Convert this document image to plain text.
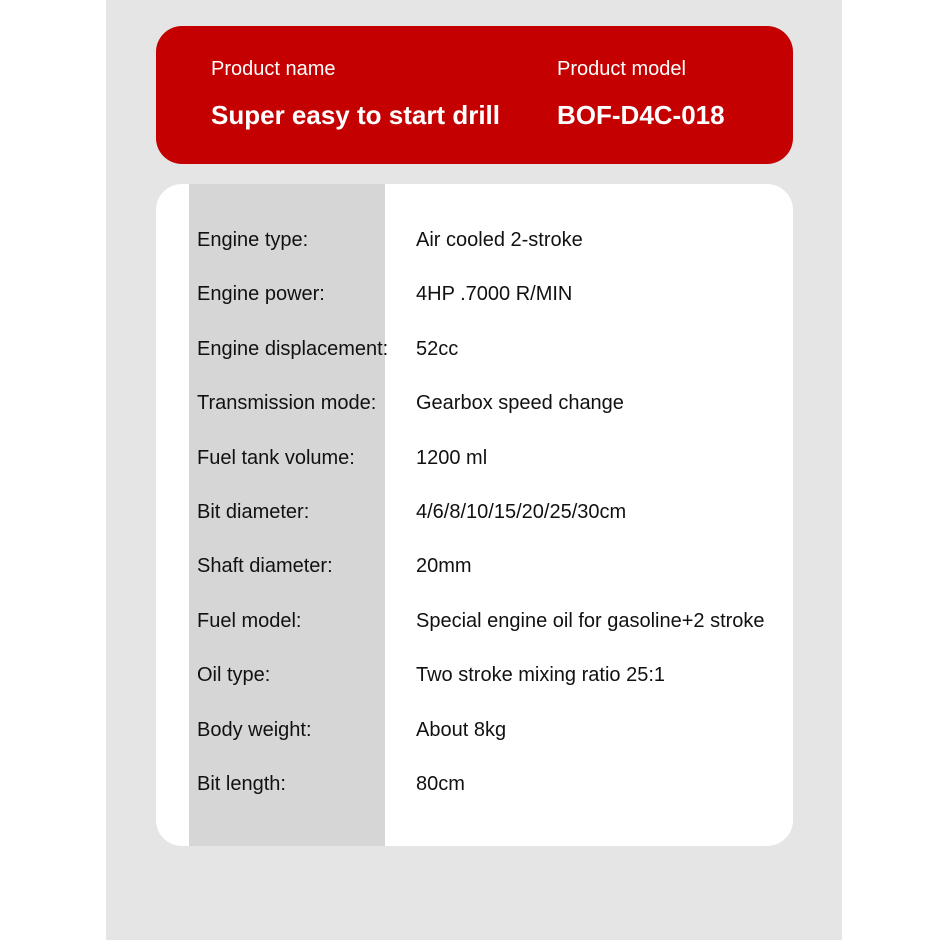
Product name
Super easy to start drill
Product model
BOF-D4C-018
Engine type:	Air cooled 2-stroke
Engine power:	4HP .7000 R/MIN
Engine displacement: 52cc
Transmission mode: Gearbox speed change
Fuel tank volume:	1200 ml
Bit diameter:	4/6/8/10/15/20/25/30cm
Shaft diameter:	20mm
Fuel model:	Special engine oil for gasoline+2 stroke
Oil type:	Two stroke mixing ratio 25:1
Body weight:	About 8kg
Bit length:	80cm
